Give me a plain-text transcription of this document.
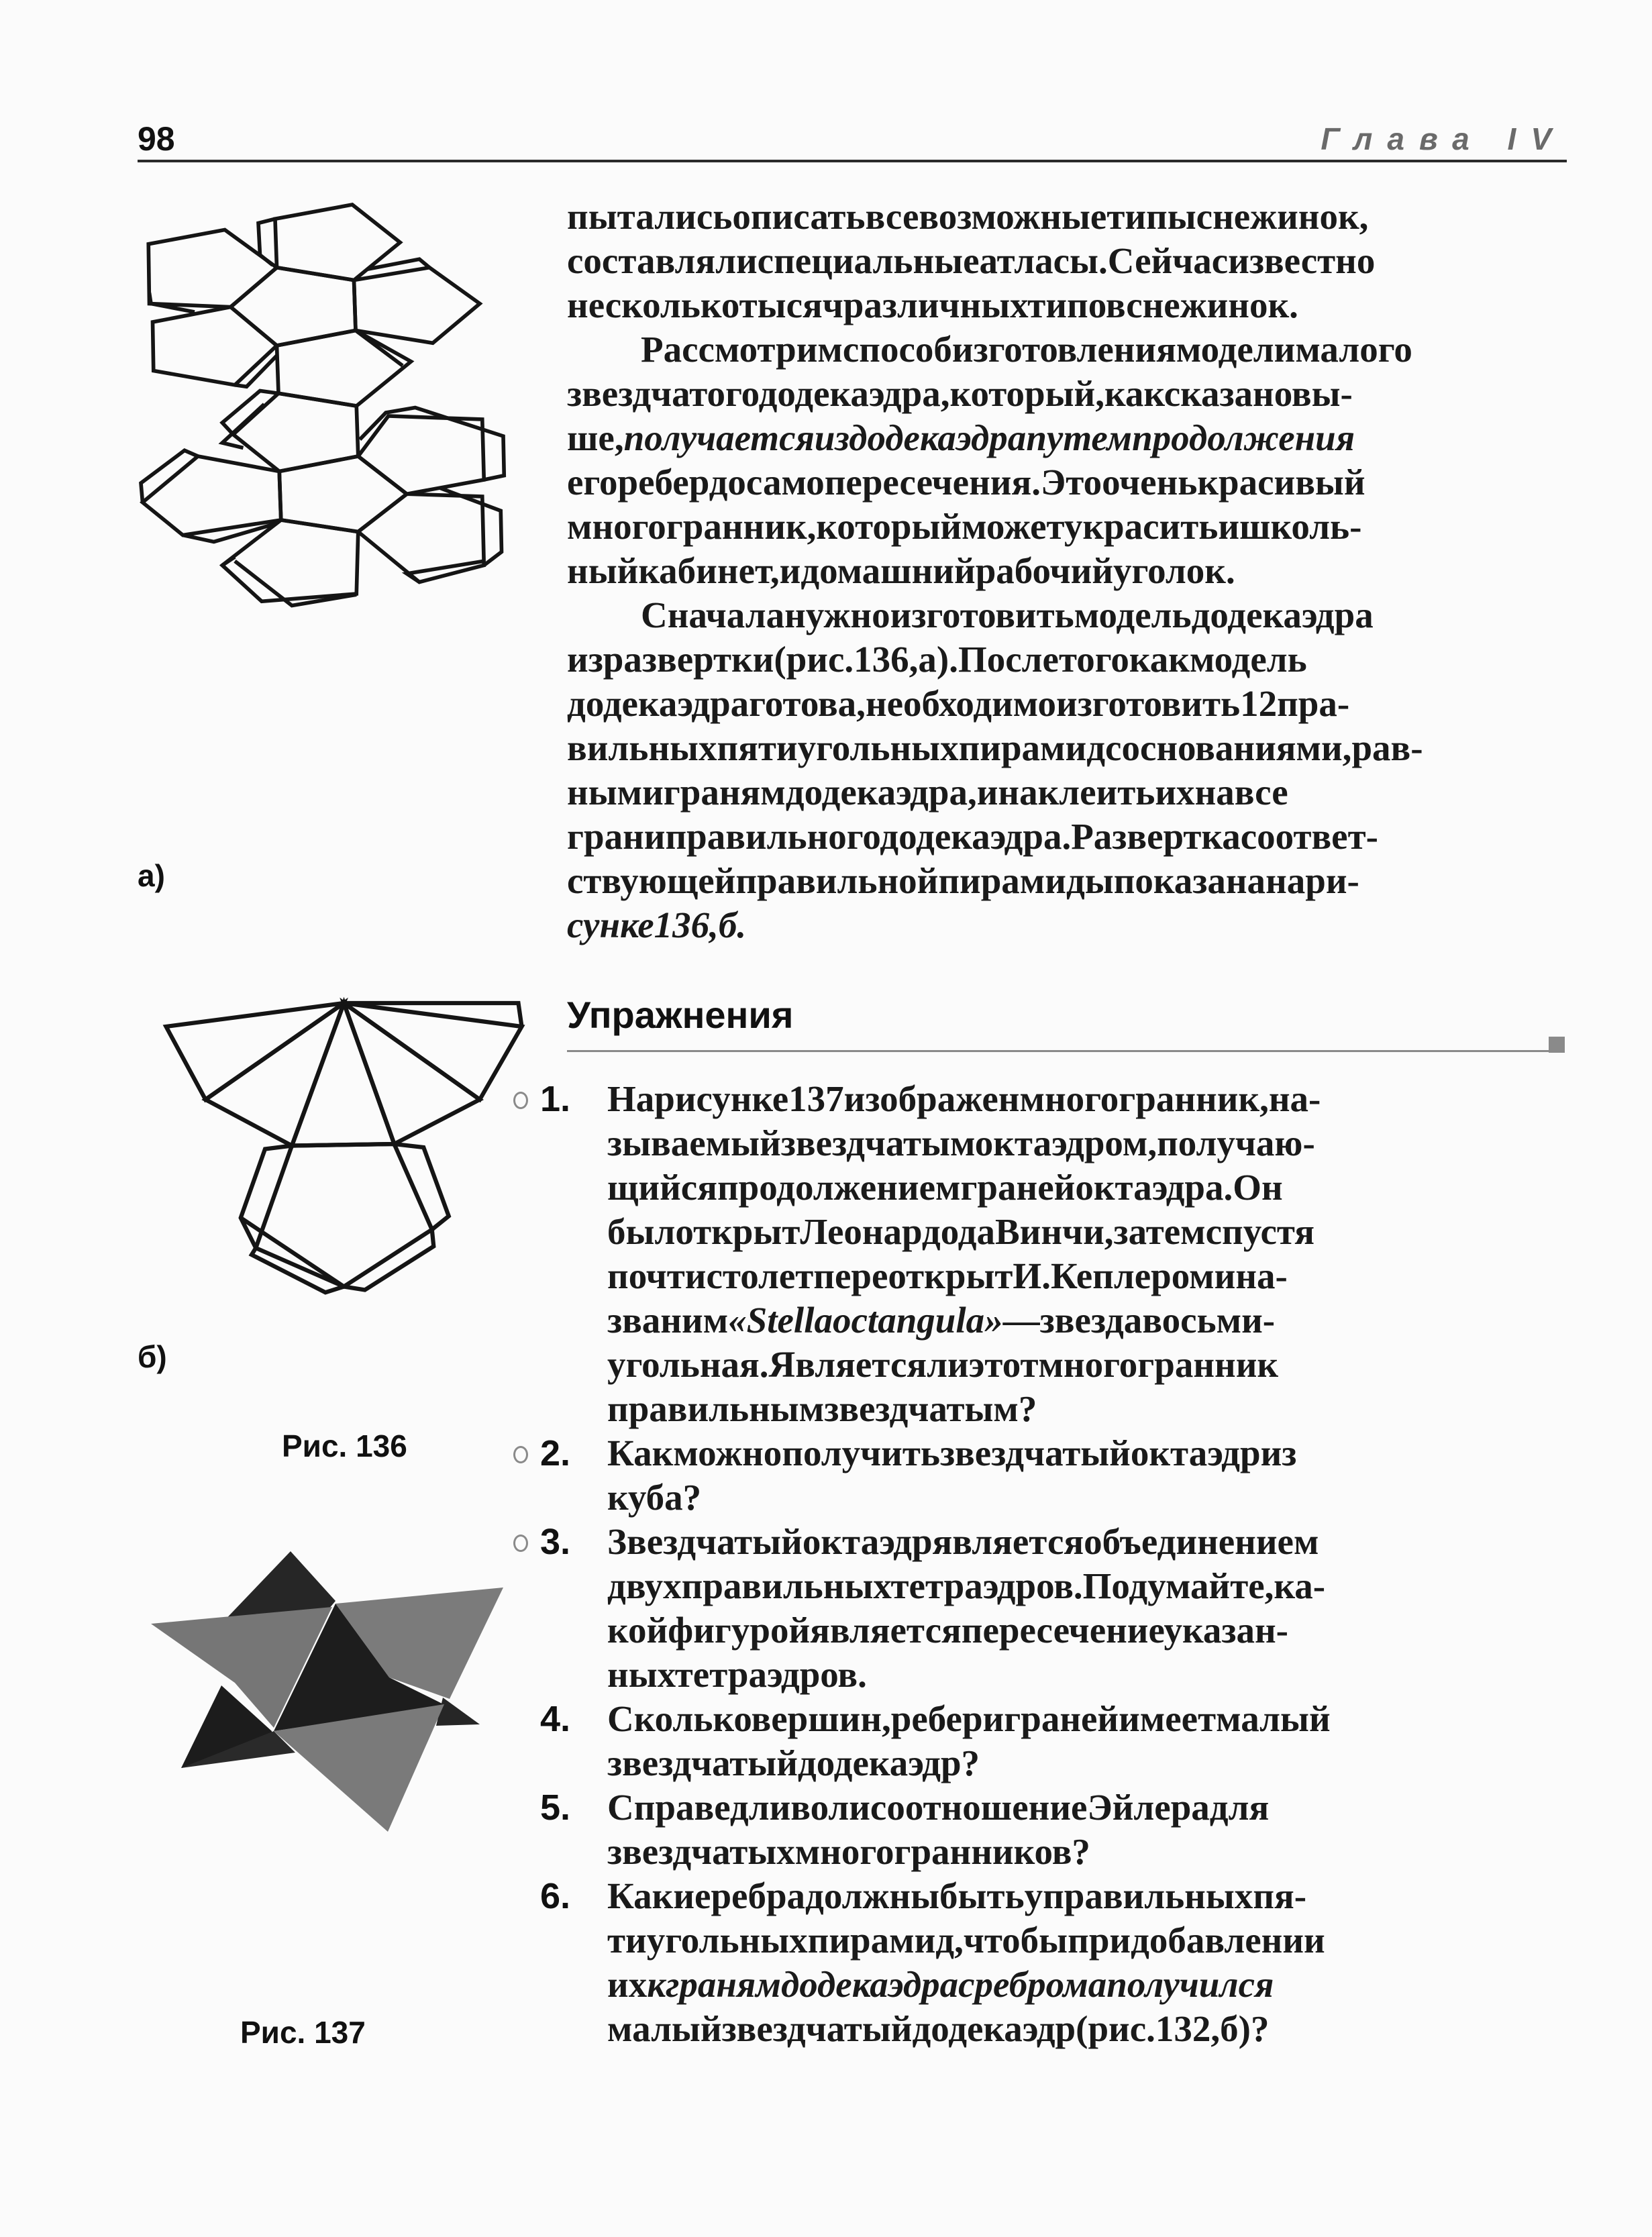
98	Глава IV
пыталисьописатьвсевозможныетипыснежинок,
составлялиспециальныеатласы.Сейчасизвестно
несколькотысячразличныхтиповснежинок.
Рассмотримспособизготовлениямоделималого
звездчатогододекаэдра,который,каксказановы-
ше,получаетсяиздодекаэдрапутемпродолжения
егоребердосамопересечения.Этооченькрасивый
многогранник,которыйможетукраситьишколь-
ныйкабинет,идомашнийрабочийуголок.
Сначаланужноизготовитьмодельдодекаэдра
изразвертки(рис.136,а).Послетогокакмодель
додекаэдраготова,необходимоизготовить12пра-
вильныхпятиугольныхпирамидсоснованиями,рав-
нымигранямдодекаэдра,инаклеитьихнавсе
граниправильногододекаэдра.Разверткасоответ-
ствующейправильнойпирамидыпоказананари-
сунке136,б.
Упражнения
1. Нарисунке137изображенмногогранник,на-
зываемыйзвездчатымоктаэдром,получаю-
щийсяпродолжениемгранейоктаэдра.Он
былоткрытЛеонардодаВинчи,затемспустя
почтистолетпереоткрытИ.Кеплеромина-
званим«Stellaoctangula»—звездавосьми-
угольная.Являетсялиэтотмногогранник
правильнымзвездчатым?
2. Какможнополучитьзвездчатыйоктаэдриз
куба?
3. Звездчатыйоктаэдрявляетсяобъединением
двухправильныхтетраэдров.Подумайте,ка-
койфигуройявляетсяпересечениеуказан-
ныхтетраэдров.
4. Скольковершин,реберигранейимеетмалый
звездчатыйдодекаэдр?
5. СправедливолисоотношениеЭйлерадля
звездчатыхмногогранников?
6. Какиеребрадолжныбытьуправильныхпя-
тиугольныхпирамид,чтобыпридобавлении
ихкгранямдодекаэдрасребромaполучился
малыйзвездчатыйдодекаэдр(рис.132,б)?
а)
б)
Рис. 136
Рис. 137
